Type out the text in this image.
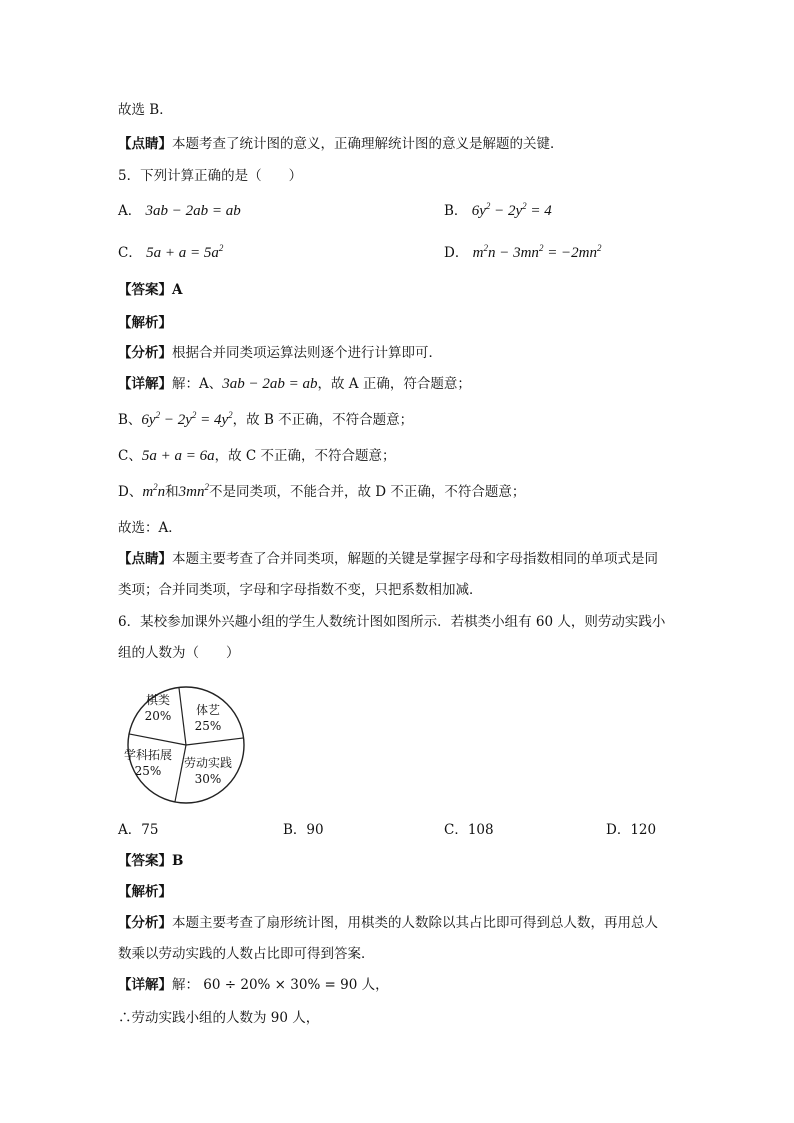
故选 B．
【点睛】本题考查了统计图的意义，正确理解统计图的意义是解题的关键．
5．下列计算正确的是（　　）
A． 3ab − 2ab = ab	B． $6y^2 - 2y^2 = 4$
C． $5a + a = 5a^2$	D． $m^2n - 3mn^2 = -2mn^2$
【答案】A
【解析】
【分析】根据合并同类项运算法则逐个进行计算即可．
【详解】解：A、3ab − 2ab = ab，故 A 正确，符合题意；
B、$6y^2 - 2y^2 = 4y^2$，故 B 不正确，不符合题意；
C、5a + a = 6a，故 C 不正确，不符合题意；
D、$m^2n$和$3mn^2$不是同类项，不能合并，故 D 不正确，不符合题意；
故选：A．
【点睛】本题主要考查了合并同类项，解题的关键是掌握字母和字母指数相同的单项式是同
类项；合并同类项，字母和字母指数不变，只把系数相加减．
6．某校参加课外兴趣小组的学生人数统计图如图所示．若棋类小组有 60 人，则劳动实践小
组的人数为（　　）
棋类
20% 体艺
25%
劳动实践
30%
学科拓展
25%
A．75	B．90	C．108	D．120
【答案】B
【解析】
【分析】本题主要考查了扇形统计图，用棋类的人数除以其占比即可得到总人数，再用总人
数乘以劳动实践的人数占比即可得到答案．
【详解】解： 60 ÷ 20% × 30% = 90 人，
∴劳动实践小组的人数为 90 人，
